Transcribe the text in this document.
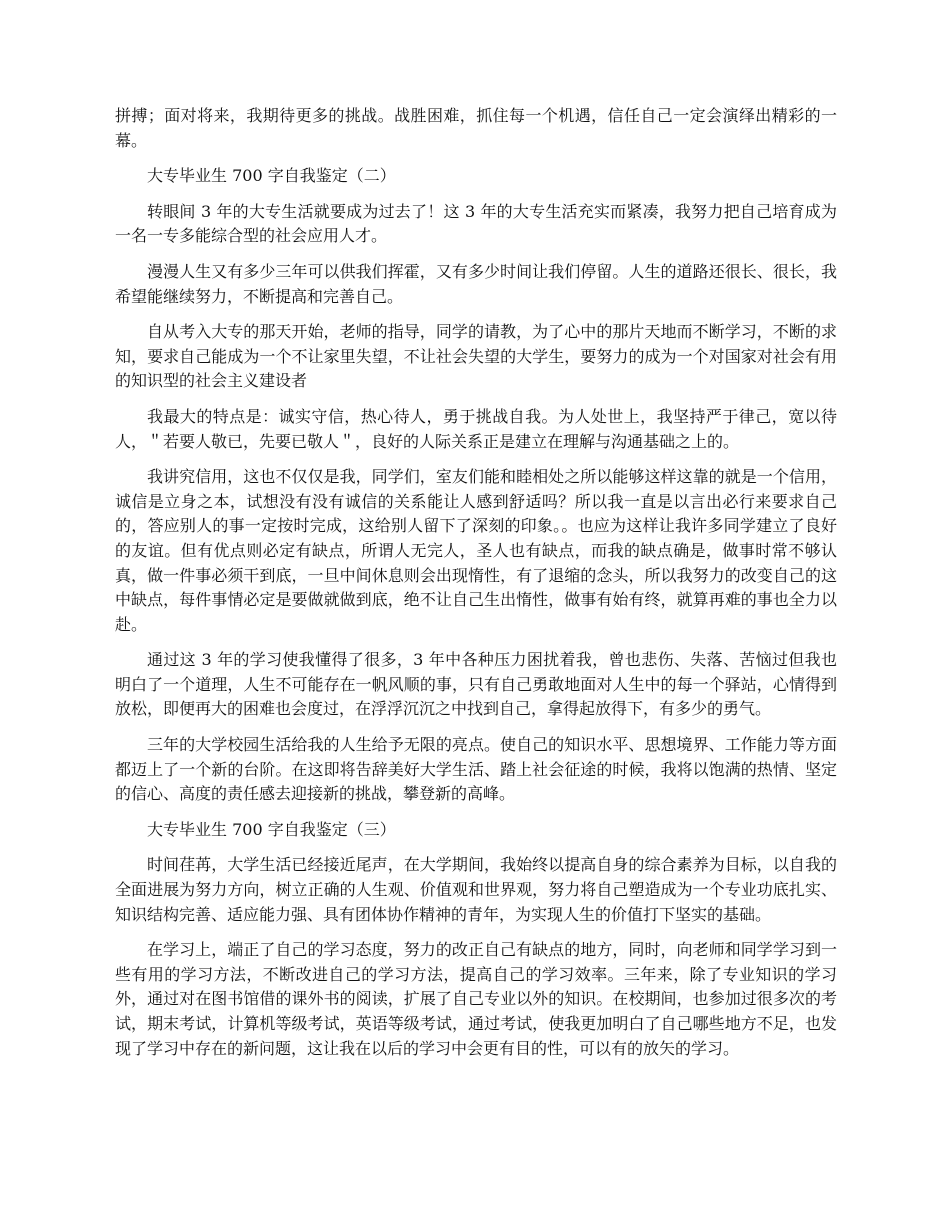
拼搏；面对将来，我期待更多的挑战。战胜困难，抓住每一个机遇，信任自己一定会演绎出精彩的一幕。

大专毕业生 700 字自我鉴定（二）

转眼间 3 年的大专生活就要成为过去了！这 3 年的大专生活充实而紧凑，我努力把自己培育成为一名一专多能综合型的社会应用人才。

漫漫人生又有多少三年可以供我们挥霍，又有多少时间让我们停留。人生的道路还很长、很长，我希望能继续努力，不断提高和完善自己。

自从考入大专的那天开始，老师的指导，同学的请教，为了心中的那片天地而不断学习，不断的求知，要求自己能成为一个不让家里失望，不让社会失望的大学生，要努力的成为一个对国家对社会有用的知识型的社会主义建设者

我最大的特点是：诚实守信，热心待人，勇于挑战自我。为人处世上，我坚持严于律己，宽以待人，＂若要人敬已，先要已敬人＂，良好的人际关系正是建立在理解与沟通基础之上的。

我讲究信用，这也不仅仅是我，同学们，室友们能和睦相处之所以能够这样这靠的就是一个信用，诚信是立身之本，试想没有没有诚信的关系能让人感到舒适吗？所以我一直是以言出必行来要求自己的，答应别人的事一定按时完成，这给别人留下了深刻的印象。。也应为这样让我许多同学建立了良好的友谊。但有优点则必定有缺点，所谓人无完人，圣人也有缺点，而我的缺点确是，做事时常不够认真，做一件事必须干到底，一旦中间休息则会出现惰性，有了退缩的念头，所以我努力的改变自己的这中缺点，每件事情必定是要做就做到底，绝不让自己生出惰性，做事有始有终，就算再难的事也全力以赴。

通过这 3 年的学习使我懂得了很多，3 年中各种压力困扰着我，曾也悲伤、失落、苦恼过但我也明白了一个道理，人生不可能存在一帆风顺的事，只有自己勇敢地面对人生中的每一个驿站，心情得到放松，即便再大的困难也会度过，在浮浮沉沉之中找到自己，拿得起放得下，有多少的勇气。

三年的大学校园生活给我的人生给予无限的亮点。使自己的知识水平、思想境界、工作能力等方面都迈上了一个新的台阶。在这即将告辞美好大学生活、踏上社会征途的时候，我将以饱满的热情、坚定的信心、高度的责任感去迎接新的挑战，攀登新的高峰。

大专毕业生 700 字自我鉴定（三）

时间荏苒，大学生活已经接近尾声，在大学期间，我始终以提高自身的综合素养为目标，以自我的全面进展为努力方向，树立正确的人生观、价值观和世界观，努力将自己塑造成为一个专业功底扎实、知识结构完善、适应能力强、具有团体协作精神的青年，为实现人生的价值打下坚实的基础。

在学习上，端正了自己的学习态度，努力的改正自己有缺点的地方，同时，向老师和同学学习到一些有用的学习方法，不断改进自己的学习方法，提高自己的学习效率。三年来，除了专业知识的学习外，通过对在图书馆借的课外书的阅读，扩展了自己专业以外的知识。在校期间，也参加过很多次的考试，期末考试，计算机等级考试，英语等级考试，通过考试，使我更加明白了自己哪些地方不足，也发现了学习中存在的新问题，这让我在以后的学习中会更有目的性，可以有的放矢的学习。
